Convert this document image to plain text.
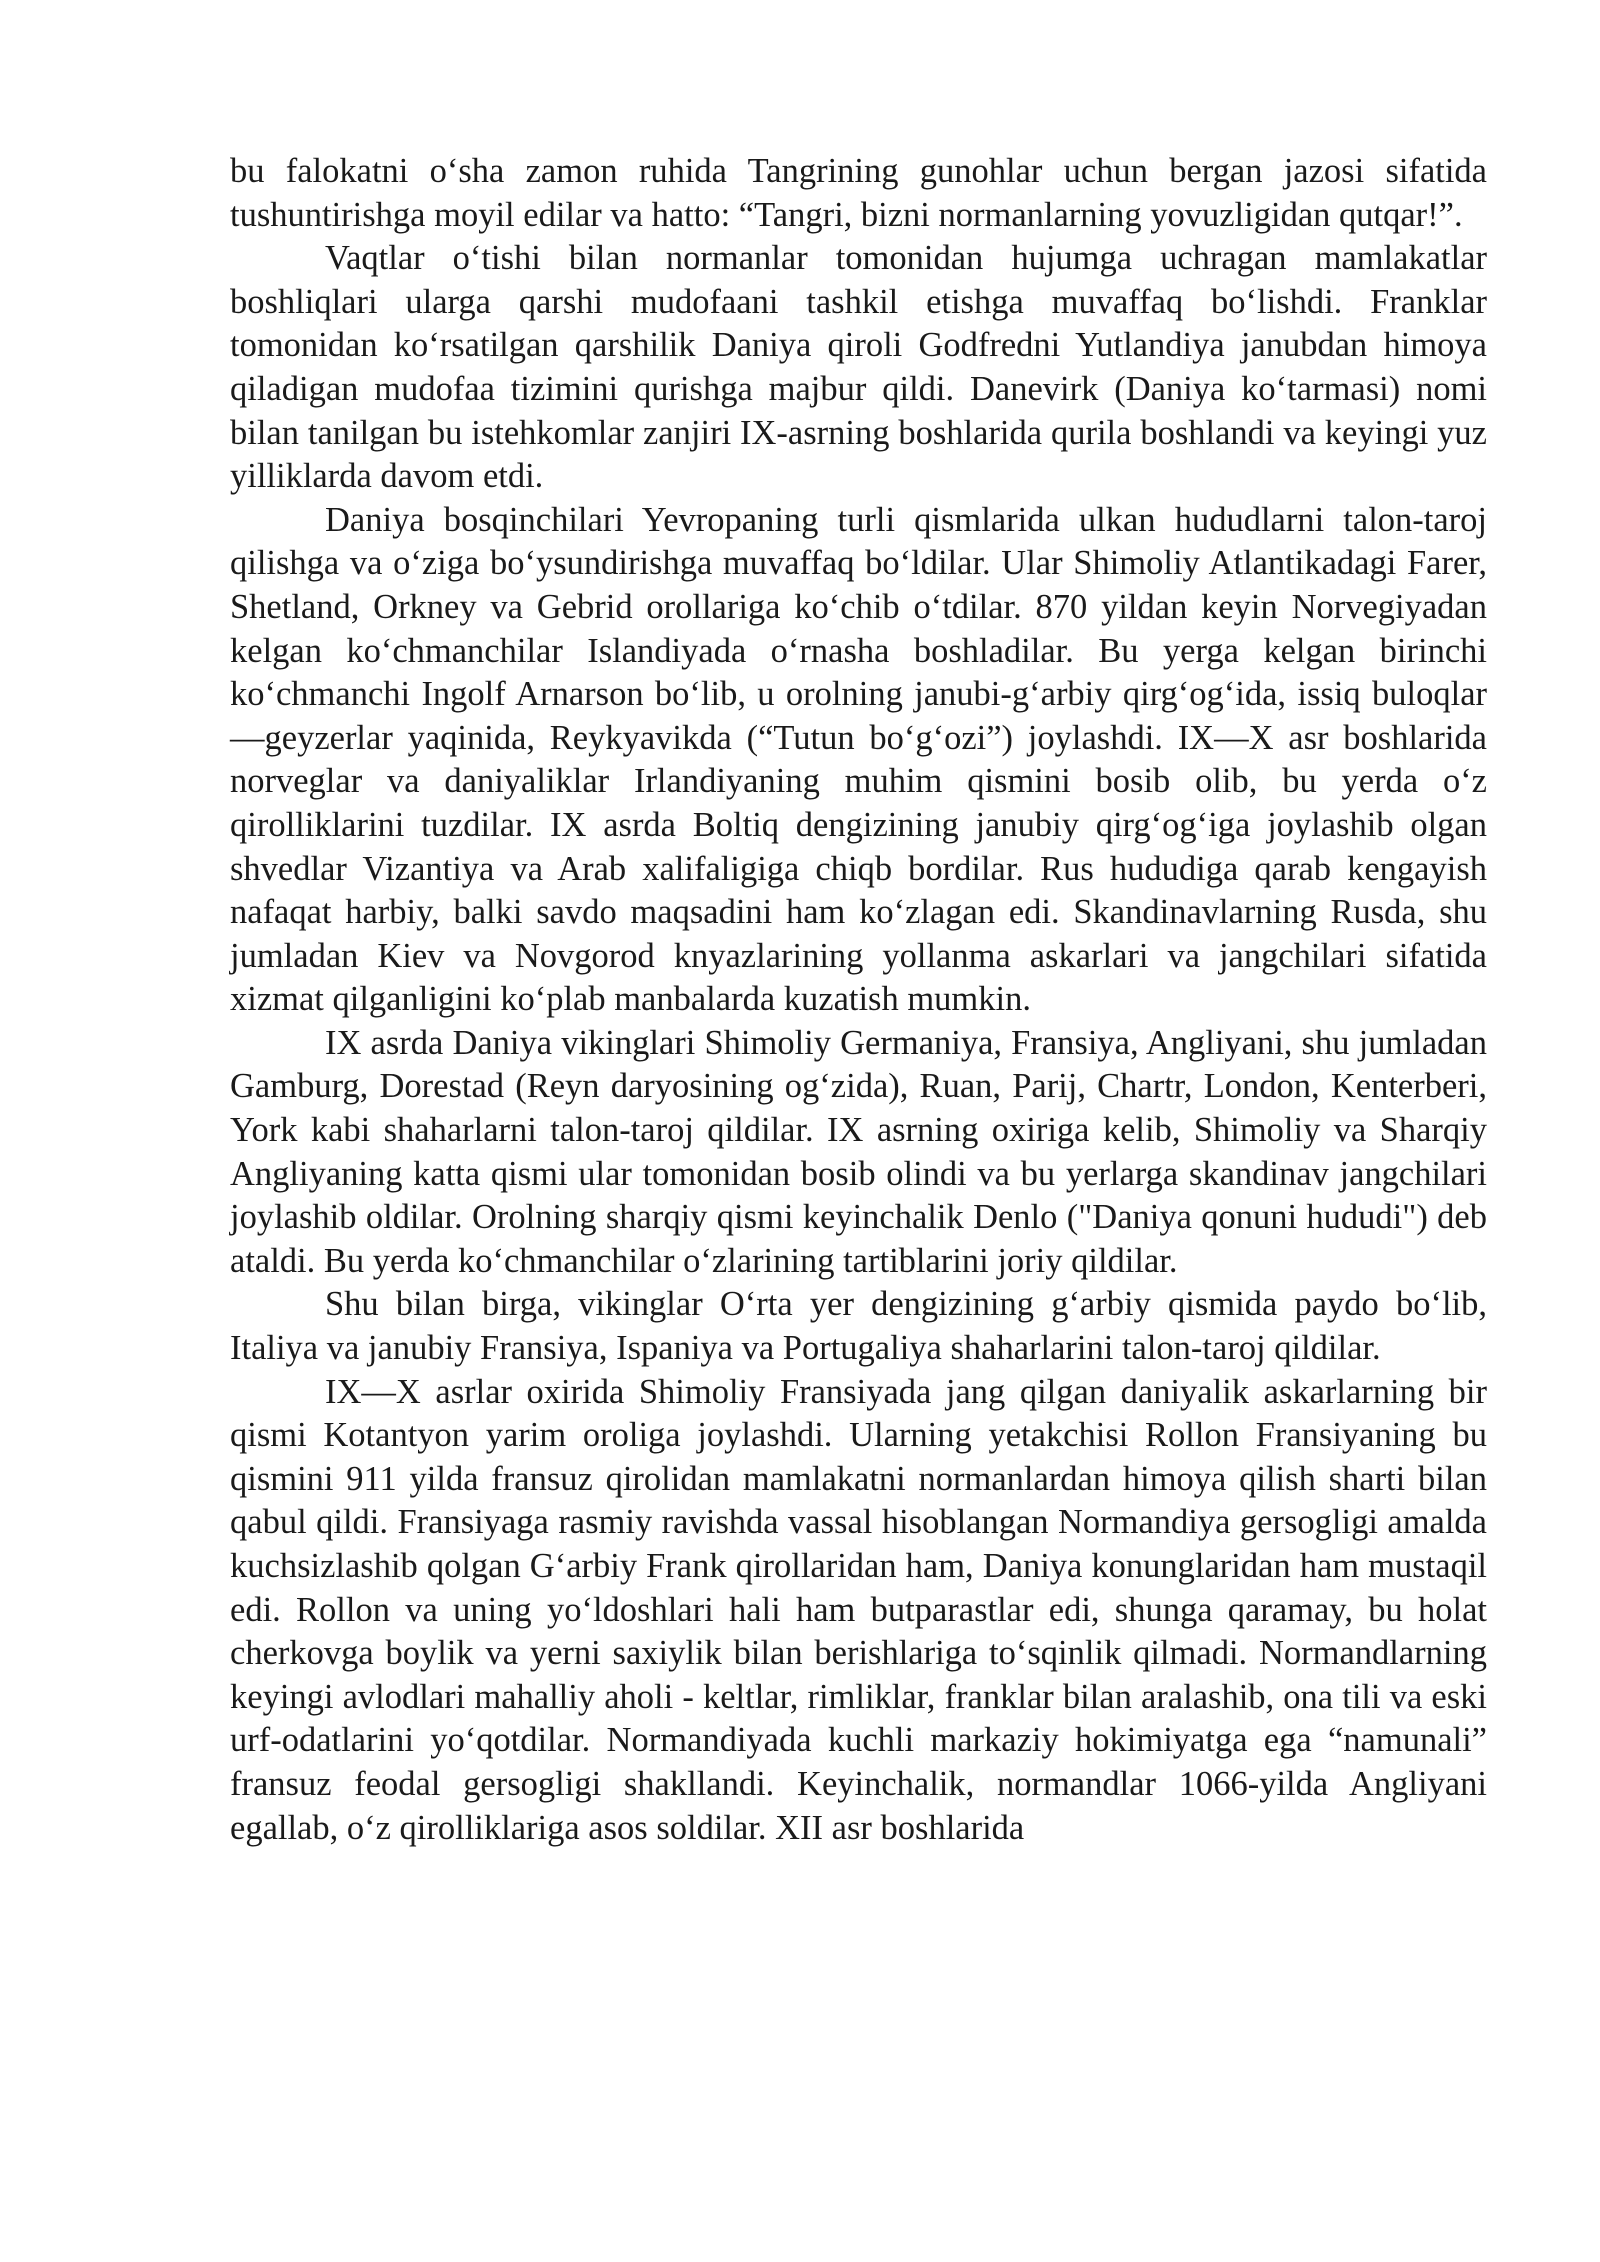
bu falokatni o‘sha zamon ruhida Tangrining gunohlar uchun bergan jazosi sifatida tushuntirishga moyil edilar va hatto: “Tangri, bizni normanlarning yovuzligidan qutqar!”.

Vaqtlar o‘tishi bilan normanlar tomonidan hujumga uchragan mamlakatlar boshliqlari ularga qarshi mudofaani tashkil etishga muvaffaq bo‘lishdi. Franklar tomonidan ko‘rsatilgan qarshilik Daniya qiroli Godfredni Yutlandiya janubdan himoya qiladigan mudofaa tizimini qurishga majbur qildi. Danevirk (Daniya ko‘tarmasi) nomi bilan tanilgan bu istehkomlar zanjiri IX-asrning boshlarida qurila boshlandi va keyingi yuz yilliklarda davom etdi.

Daniya bosqinchilari Yevropaning turli qismlarida ulkan hududlarni talon-taroj qilishga va o‘ziga bo‘ysundirishga muvaffaq bo‘ldilar. Ular Shimoliy Atlantikadagi Farer, Shetland, Orkney va Gebrid orollariga ko‘chib o‘tdilar. 870 yildan keyin Norvegiyadan kelgan ko‘chmanchilar Islandiyada o‘rnasha boshladilar. Bu yerga kelgan birinchi ko‘chmanchi Ingolf Arnarson bo‘lib, u orolning janubi-g‘arbiy qirg‘og‘ida, issiq buloqlar—geyzerlar yaqinida, Reykyavikda (“Tutun bo‘g‘ozi”) joylashdi. IX—X asr boshlarida norveglar va daniyaliklar Irlandiyaning muhim qismini bosib olib, bu yerda o‘z qirolliklarini tuzdilar. IX asrda Boltiq dengizining janubiy qirg‘og‘iga joylashib olgan shvedlar Vizantiya va Arab xalifaligiga chiqb bordilar. Rus hududiga qarab kengayish nafaqat harbiy, balki savdo maqsadini ham ko‘zlagan edi. Skandinavlarning Rusda, shu jumladan Kiev va Novgorod knyazlarining yollanma askarlari va jangchilari sifatida xizmat qilganligini ko‘plab manbalarda kuzatish mumkin.

IX asrda Daniya vikinglari Shimoliy Germaniya, Fransiya, Angliyani, shu jumladan Gamburg, Dorestad (Reyn daryosining og‘zida), Ruan, Parij, Chartr, London, Kenterberi, York kabi shaharlarni talon-taroj qildilar. IX asrning oxiriga kelib, Shimoliy va Sharqiy Angliyaning katta qismi ular tomonidan bosib olindi va bu yerlarga skandinav jangchilari joylashib oldilar. Orolning sharqiy qismi keyinchalik Denlo ("Daniya qonuni hududi") deb ataldi. Bu yerda ko‘chmanchilar o‘zlarining tartiblarini joriy qildilar.

Shu bilan birga, vikinglar O‘rta yer dengizining g‘arbiy qismida paydo bo‘lib, Italiya va janubiy Fransiya, Ispaniya va Portugaliya shaharlarini talon-taroj qildilar.

IX—X asrlar oxirida Shimoliy Fransiyada jang qilgan daniyalik askarlarning bir qismi Kotantyon yarim oroliga joylashdi. Ularning yetakchisi Rollon Fransiyaning bu qismini 911 yilda fransuz qirolidan mamlakatni normanlardan himoya qilish sharti bilan qabul qildi. Fransiyaga rasmiy ravishda vassal hisoblangan Normandiya gersogligi amalda kuchsizlashib qolgan G‘arbiy Frank qirollaridan ham, Daniya konunglaridan ham mustaqil edi. Rollon va uning yo‘ldoshlari hali ham butparastlar edi, shunga qaramay, bu holat cherkovga boylik va yerni saxiylik bilan berishlariga to‘sqinlik qilmadi. Normandlarning keyingi avlodlari mahalliy aholi - keltlar, rimliklar, franklar bilan aralashib, ona tili va eski urf-odatlarini yo‘qotdilar. Normandiyada kuchli markaziy hokimiyatga ega “namunali” fransuz feodal gersogligi shakllandi. Keyinchalik, normandlar 1066-yilda Angliyani egallab, o‘z qirolliklariga asos soldilar. XII asr boshlarida
